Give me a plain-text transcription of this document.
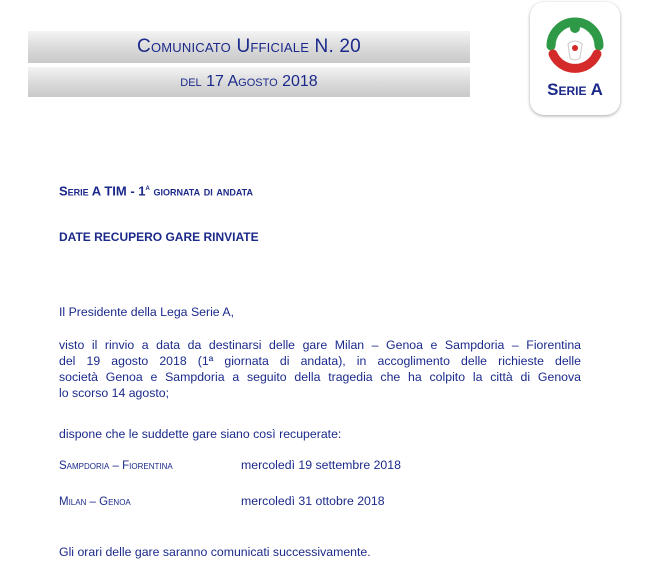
Comunicato Ufficiale N. 20
del 17 Agosto 2018	Serie A
Serie A TIM - 1$^a$ giornata di andata
DATE RECUPERO GARE RINVIATE
Il Presidente della Lega Serie A,
visto il rinvio a data da destinarsi delle gare Milan – Genoa e Sampdoria – Fiorentina
del 19 agosto 2018 (1ª giornata di andata), in accoglimento delle richieste delle
società Genoa e Sampdoria a seguito della tragedia che ha colpito la città di Genova
lo scorso 14 agosto;
dispone che le suddette gare siano così recuperate:
Sampdoria – Fiorentina	mercoledì 19 settembre 2018
Milan – Genoa	mercoledì 31 ottobre 2018
Gli orari delle gare saranno comunicati successivamente.
